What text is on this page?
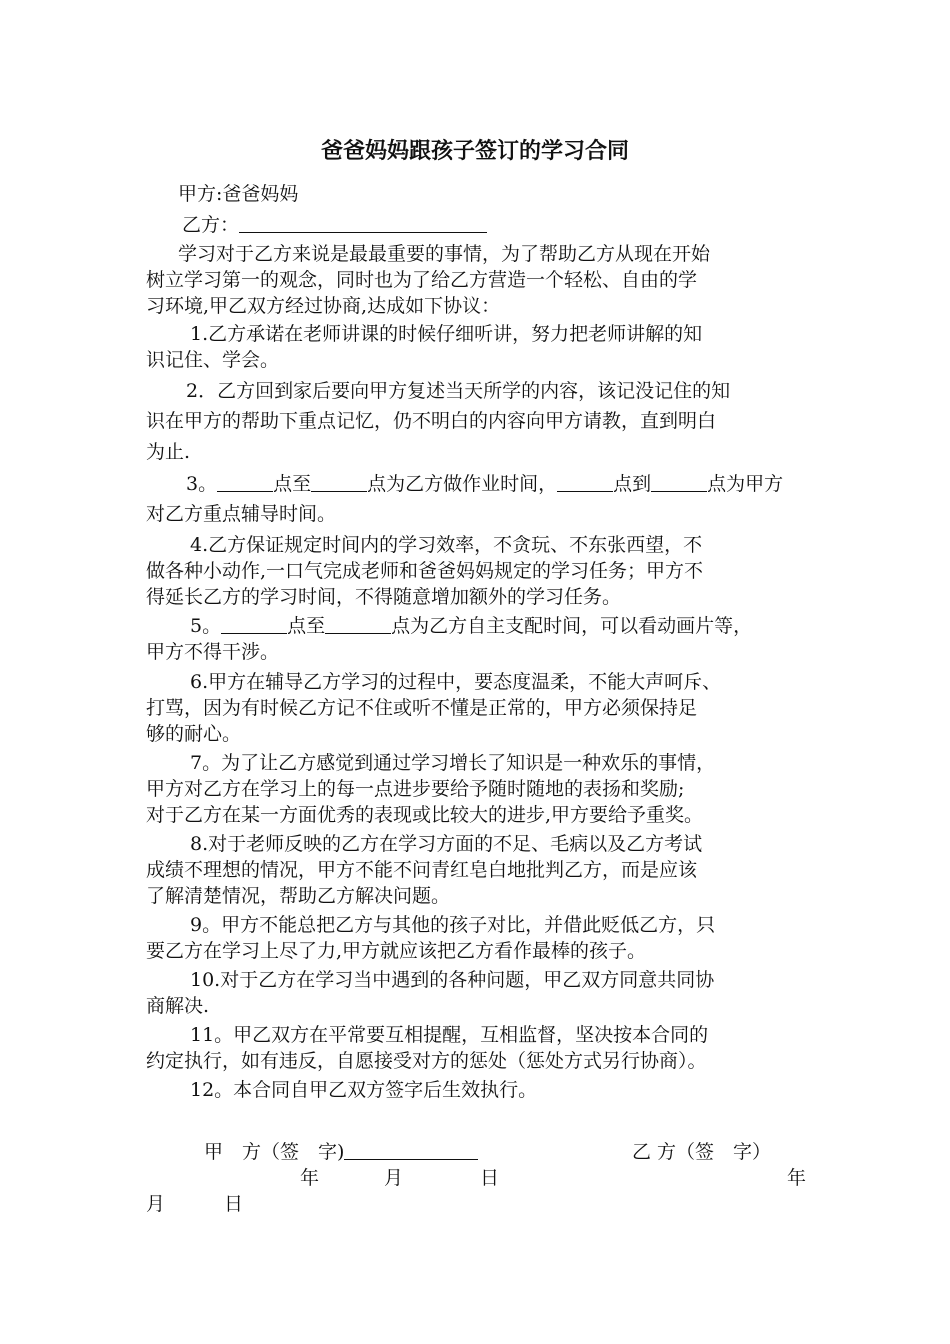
爸爸妈妈跟孩子签订的学习合同
甲方:爸爸妈妈
乙方：
学习对于乙方来说是最最重要的事情，为了帮助乙方从现在开始
树立学习第一的观念，同时也为了给乙方营造一个轻松、自由的学
习环境,甲乙双方经过协商,达成如下协议：
1.乙方承诺在老师讲课的时候仔细听讲，努力把老师讲解的知
识记住、学会。
2．乙方回到家后要向甲方复述当天所学的内容，该记没记住的知
识在甲方的帮助下重点记忆，仍不明白的内容向甲方请教，直到明白
为止.
3。	点至	点为乙方做作业时间，	点到	点为甲方
对乙方重点辅导时间。
4.乙方保证规定时间内的学习效率，不贪玩、不东张西望，不
做各种小动作,一口气完成老师和爸爸妈妈规定的学习任务；甲方不
得延长乙方的学习时间，不得随意增加额外的学习任务。
5。	点至	点为乙方自主支配时间，可以看动画片等，
甲方不得干涉。
6.甲方在辅导乙方学习的过程中，要态度温柔，不能大声呵斥、
打骂，因为有时候乙方记不住或听不懂是正常的，甲方必须保持足
够的耐心。
7。为了让乙方感觉到通过学习增长了知识是一种欢乐的事情，
甲方对乙方在学习上的每一点进步要给予随时随地的表扬和奖励;
对于乙方在某一方面优秀的表现或比较大的进步,甲方要给予重奖。
8.对于老师反映的乙方在学习方面的不足、毛病以及乙方考试
成绩不理想的情况，甲方不能不问青红皂白地批判乙方，而是应该
了解清楚情况，帮助乙方解决问题。
9。甲方不能总把乙方与其他的孩子对比，并借此贬低乙方，只
要乙方在学习上尽了力,甲方就应该把乙方看作最棒的孩子。
10.对于乙方在学习当中遇到的各种问题，甲乙双方同意共同协
商解决.
11。甲乙双方在平常要互相提醒，互相监督，坚决按本合同的
约定执行，如有违反，自愿接受对方的惩处（惩处方式另行协商）。
12。本合同自甲乙双方签字后生效执行。
甲　方（签　字)	乙 方（签　字）
年	月	日	年
月	日
